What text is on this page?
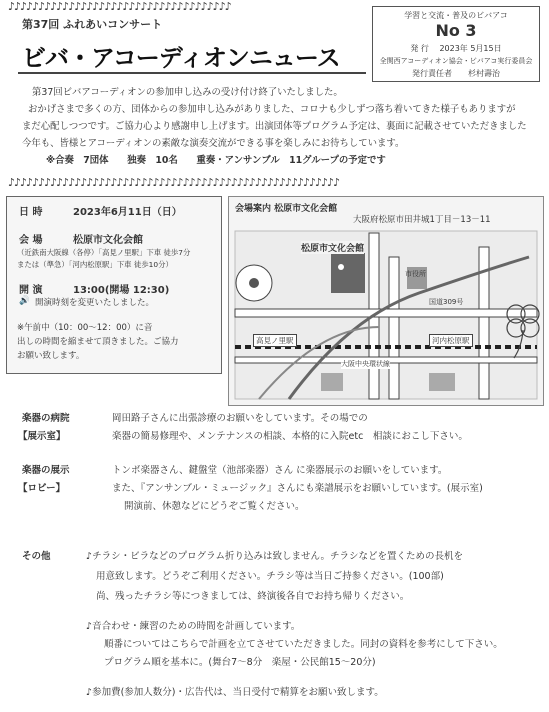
♪♪♪♪♪♪♪♪♪♪♪♪♪♪♪♪♪♪♪♪♪♪♪♪♪♪♪♪♪♪♪♪♪♪♪♪♪
第37回 ふれあいコンサート
ビバ・アコーディオンニュース
学習と交流・普及のビバアコ
No 3
発 行　 2023年 5月15日
全関西アコーディオン協会・ビバアコ実行委員会
発行責任者　　杉村壽治
第37回ビバアコーディオンの参加申し込みの受け付け終了いたしました。
おかげさまで多くの方、団体からの参加申し込みがありました、コロナも少しずつ落ち着いてきた様子もありますが
まだ心配しつつです。ご協力心より感謝申し上げます。出演団体等プログラム予定は、裏面に記載させていただきました
今年も、皆様とアコーディオンの素敵な演奏交流ができる事を楽しみにお待ちしています。
※合奏　7団体　　独奏　10名　　重奏・アンサンブル　11グループの予定です
♪♪♪♪♪♪♪♪♪♪♪♪♪♪♪♪♪♪♪♪♪♪♪♪♪♪♪♪♪♪♪♪♪♪♪♪♪♪♪♪♪♪♪♪♪♪♪♪♪♪♪♪♪♪♪
日 時	2023年6月11日（日）
会 場	松原市文化会館
（近鉄南大阪線（各停）「高見ノ里駅」下車 徒歩7分
または（準急）「河内松原駅」下車 徒歩10分）
開 演	13:00(開場 12:30)
🔊 開演時刻を変更いたしました。
※午前中（10：00〜12：00）に音
出しの時間を縮ませて頂きました。ご協力
お願い致します。
会場案内 松原市文化会館
大阪府松原市田井城1丁目－13－11
松原市文化会館
高見ノ里駅	河内松原駅
大阪中央環状線
国道309号
市役所
楽器の病院
【展示室】
岡田路子さんに出張診療のお願いをしています。その場での
楽器の簡易修理や、メンテナンスの相談、本格的に入院etc　相談におこし下さい。
楽器の展示
【ロビー】
トンボ楽器さん、鍵盤堂（池部楽器）さん に楽器展示のお願いをしています。
また、『アンサンブル・ミュージック』さんにも楽譜展示をお願いしています。(展示室)
開演前、休憩などにどうぞご覧ください。
その他	♪チラシ・ビラなどのプログラム折り込みは致しません。チラシなどを置くための長机を
用意致します。どうぞご利用ください。チラシ等は当日ご持参ください。(100部)
尚、残ったチラシ等につきましては、終演後各自でお持ち帰りください。
♪音合わせ・練習のための時間を計画しています。
順番についてはこちらで計画を立てさせていただきました。同封の資料を参考にして下さい。
プログラム順を基本に。(舞台7〜8分　楽屋・公民館15〜20分)
♪参加費(参加人数分)・広告代は、当日受付で精算をお願い致します。
